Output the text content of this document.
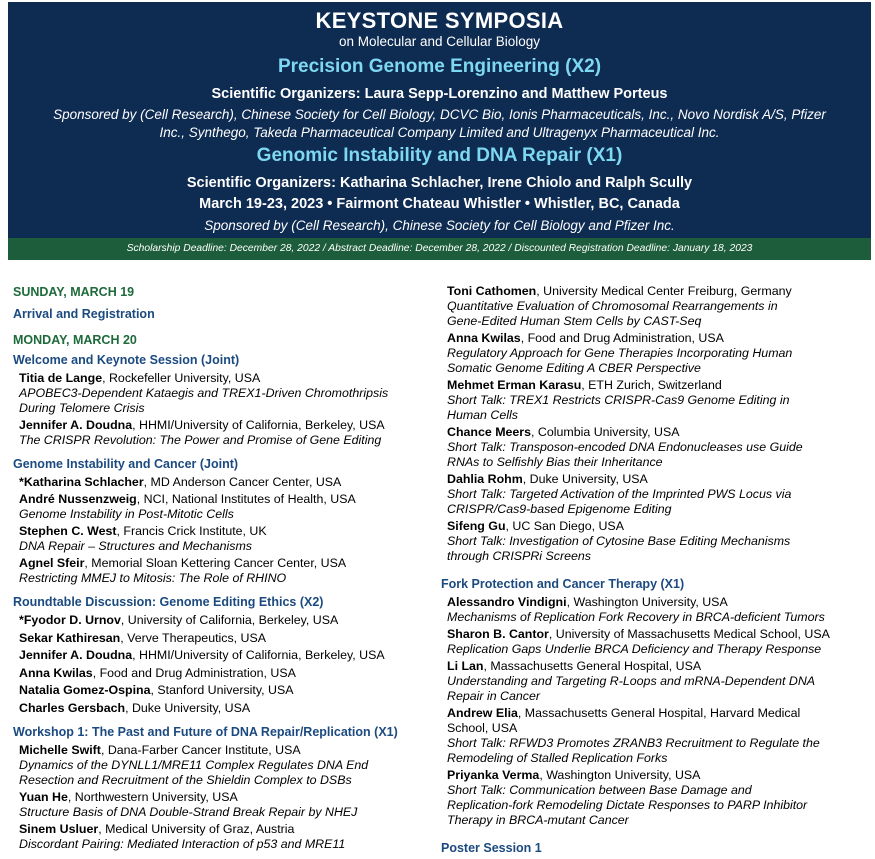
KEYSTONE SYMPOSIA
on Molecular and Cellular Biology
Precision Genome Engineering (X2)
Scientific Organizers: Laura Sepp-Lorenzino and Matthew Porteus
Sponsored by (Cell Research), Chinese Society for Cell Biology, DCVC Bio, Ionis Pharmaceuticals, Inc., Novo Nordisk A/S, Pfizer
Inc., Synthego, Takeda Pharmaceutical Company Limited and Ultragenyx Pharmaceutical Inc.
Genomic Instability and DNA Repair (X1)
Scientific Organizers: Katharina Schlacher, Irene Chiolo and Ralph Scully
March 19-23, 2023 • Fairmont Chateau Whistler • Whistler, BC, Canada
Sponsored by (Cell Research), Chinese Society for Cell Biology and Pfizer Inc.
Scholarship Deadline: December 28, 2022 / Abstract Deadline: December 28, 2022 / Discounted Registration Deadline: January 18, 2023
SUNDAY, MARCH 19
Arrival and Registration
MONDAY, MARCH 20
Welcome and Keynote Session (Joint)
Titia de Lange, Rockefeller University, USA
APOBEC3-Dependent Kataegis and TREX1-Driven Chromothripsis
During Telomere Crisis
Jennifer A. Doudna, HHMI/University of California, Berkeley, USA
The CRISPR Revolution: The Power and Promise of Gene Editing
Genome Instability and Cancer (Joint)
*Katharina Schlacher, MD Anderson Cancer Center, USA
André Nussenzweig, NCI, National Institutes of Health, USA
Genome Instability in Post-Mitotic Cells
Stephen C. West, Francis Crick Institute, UK
DNA Repair – Structures and Mechanisms
Agnel Sfeir, Memorial Sloan Kettering Cancer Center, USA
Restricting MMEJ to Mitosis: The Role of RHINO
Roundtable Discussion: Genome Editing Ethics (X2)
*Fyodor D. Urnov, University of California, Berkeley, USA
Sekar Kathiresan, Verve Therapeutics, USA
Jennifer A. Doudna, HHMI/University of California, Berkeley, USA
Anna Kwilas, Food and Drug Administration, USA
Natalia Gomez-Ospina, Stanford University, USA
Charles Gersbach, Duke University, USA
Workshop 1: The Past and Future of DNA Repair/Replication (X1)
Michelle Swift, Dana-Farber Cancer Institute, USA
Dynamics of the DYNLL1/MRE11 Complex Regulates DNA End
Resection and Recruitment of the Shieldin Complex to DSBs
Yuan He, Northwestern University, USA
Structure Basis of DNA Double-Strand Break Repair by NHEJ
Sinem Usluer, Medical University of Graz, Austria
Discordant Pairing: Mediated Interaction of p53 and MRE11
Toni Cathomen, University Medical Center Freiburg, Germany
Quantitative Evaluation of Chromosomal Rearrangements in
Gene-Edited Human Stem Cells by CAST-Seq
Anna Kwilas, Food and Drug Administration, USA
Regulatory Approach for Gene Therapies Incorporating Human
Somatic Genome Editing A CBER Perspective
Mehmet Erman Karasu, ETH Zurich, Switzerland
Short Talk: TREX1 Restricts CRISPR-Cas9 Genome Editing in
Human Cells
Chance Meers, Columbia University, USA
Short Talk: Transposon-encoded DNA Endonucleases use Guide
RNAs to Selfishly Bias their Inheritance
Dahlia Rohm, Duke University, USA
Short Talk: Targeted Activation of the Imprinted PWS Locus via
CRISPR/Cas9-based Epigenome Editing
Sifeng Gu, UC San Diego, USA
Short Talk: Investigation of Cytosine Base Editing Mechanisms
through CRISPRi Screens
Fork Protection and Cancer Therapy (X1)
Alessandro Vindigni, Washington University, USA
Mechanisms of Replication Fork Recovery in BRCA-deficient Tumors
Sharon B. Cantor, University of Massachusetts Medical School, USA
Replication Gaps Underlie BRCA Deficiency and Therapy Response
Li Lan, Massachusetts General Hospital, USA
Understanding and Targeting R-Loops and mRNA-Dependent DNA
Repair in Cancer
Andrew Elia, Massachusetts General Hospital, Harvard Medical
School, USA
Short Talk: RFWD3 Promotes ZRANB3 Recruitment to Regulate the
Remodeling of Stalled Replication Forks
Priyanka Verma, Washington University, USA
Short Talk: Communication between Base Damage and
Replication-fork Remodeling Dictate Responses to PARP Inhibitor
Therapy in BRCA-mutant Cancer
Poster Session 1
